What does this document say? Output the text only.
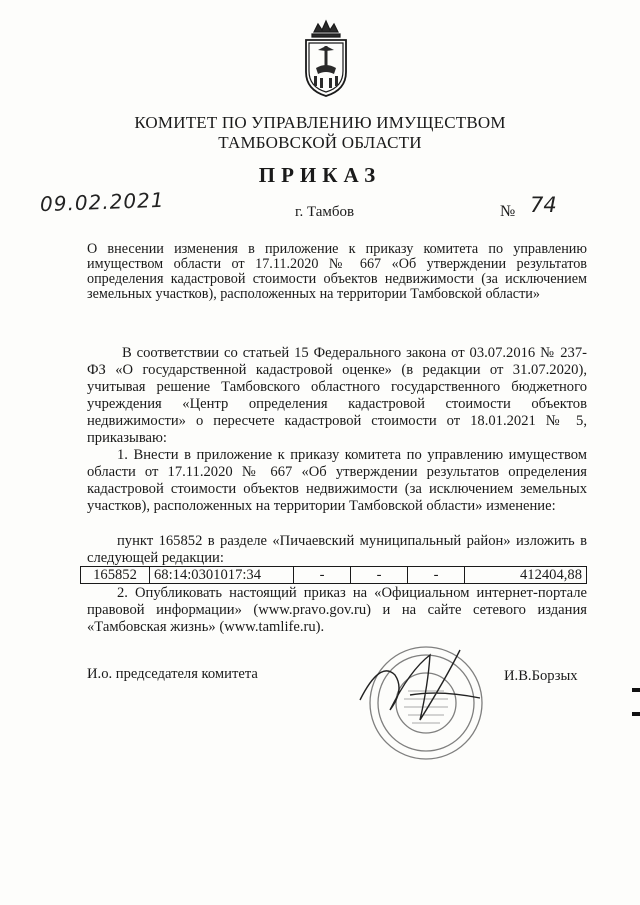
КОМИТЕТ ПО УПРАВЛЕНИЮ ИМУЩЕСТВОМ
ТАМБОВСКОЙ ОБЛАСТИ
ПРИКАЗ
09.02.2021	г. Тамбов	№ 74
О внесении изменения в приложение к приказу комитета по управлению имуществом области от 17.11.2020 № 667 «Об утверждении результатов определения кадастровой стоимости объектов недвижимости (за исключением земельных участков), расположенных на территории Тамбовской области»
В соответствии со статьей 15 Федерального закона от 03.07.2016 № 237-ФЗ «О государственной кадастровой оценке» (в редакции от 31.07.2020), учитывая решение Тамбовского областного государственного бюджетного учреждения «Центр определения кадастровой стоимости объектов недвижимости» о пересчете кадастровой стоимости от 18.01.2021 № 5, приказываю:
1. Внести в приложение к приказу комитета по управлению имуществом области от 17.11.2020 № 667 «Об утверждении результатов определения кадастровой стоимости объектов недвижимости (за исключением земельных участков), расположенных на территории Тамбовской области» изменение:
пункт 165852 в разделе «Пичаевский муниципальный район» изложить в следующей редакции:
165852	68:14:0301017:34	-	-	-	412404,88
2. Опубликовать настоящий приказ на «Официальном интернет-портале правовой информации» (www.pravo.gov.ru) и на сайте сетевого издания «Тамбовская жизнь» (www.tamlife.ru).
И.о. председателя комитета	И.В.Борзых
